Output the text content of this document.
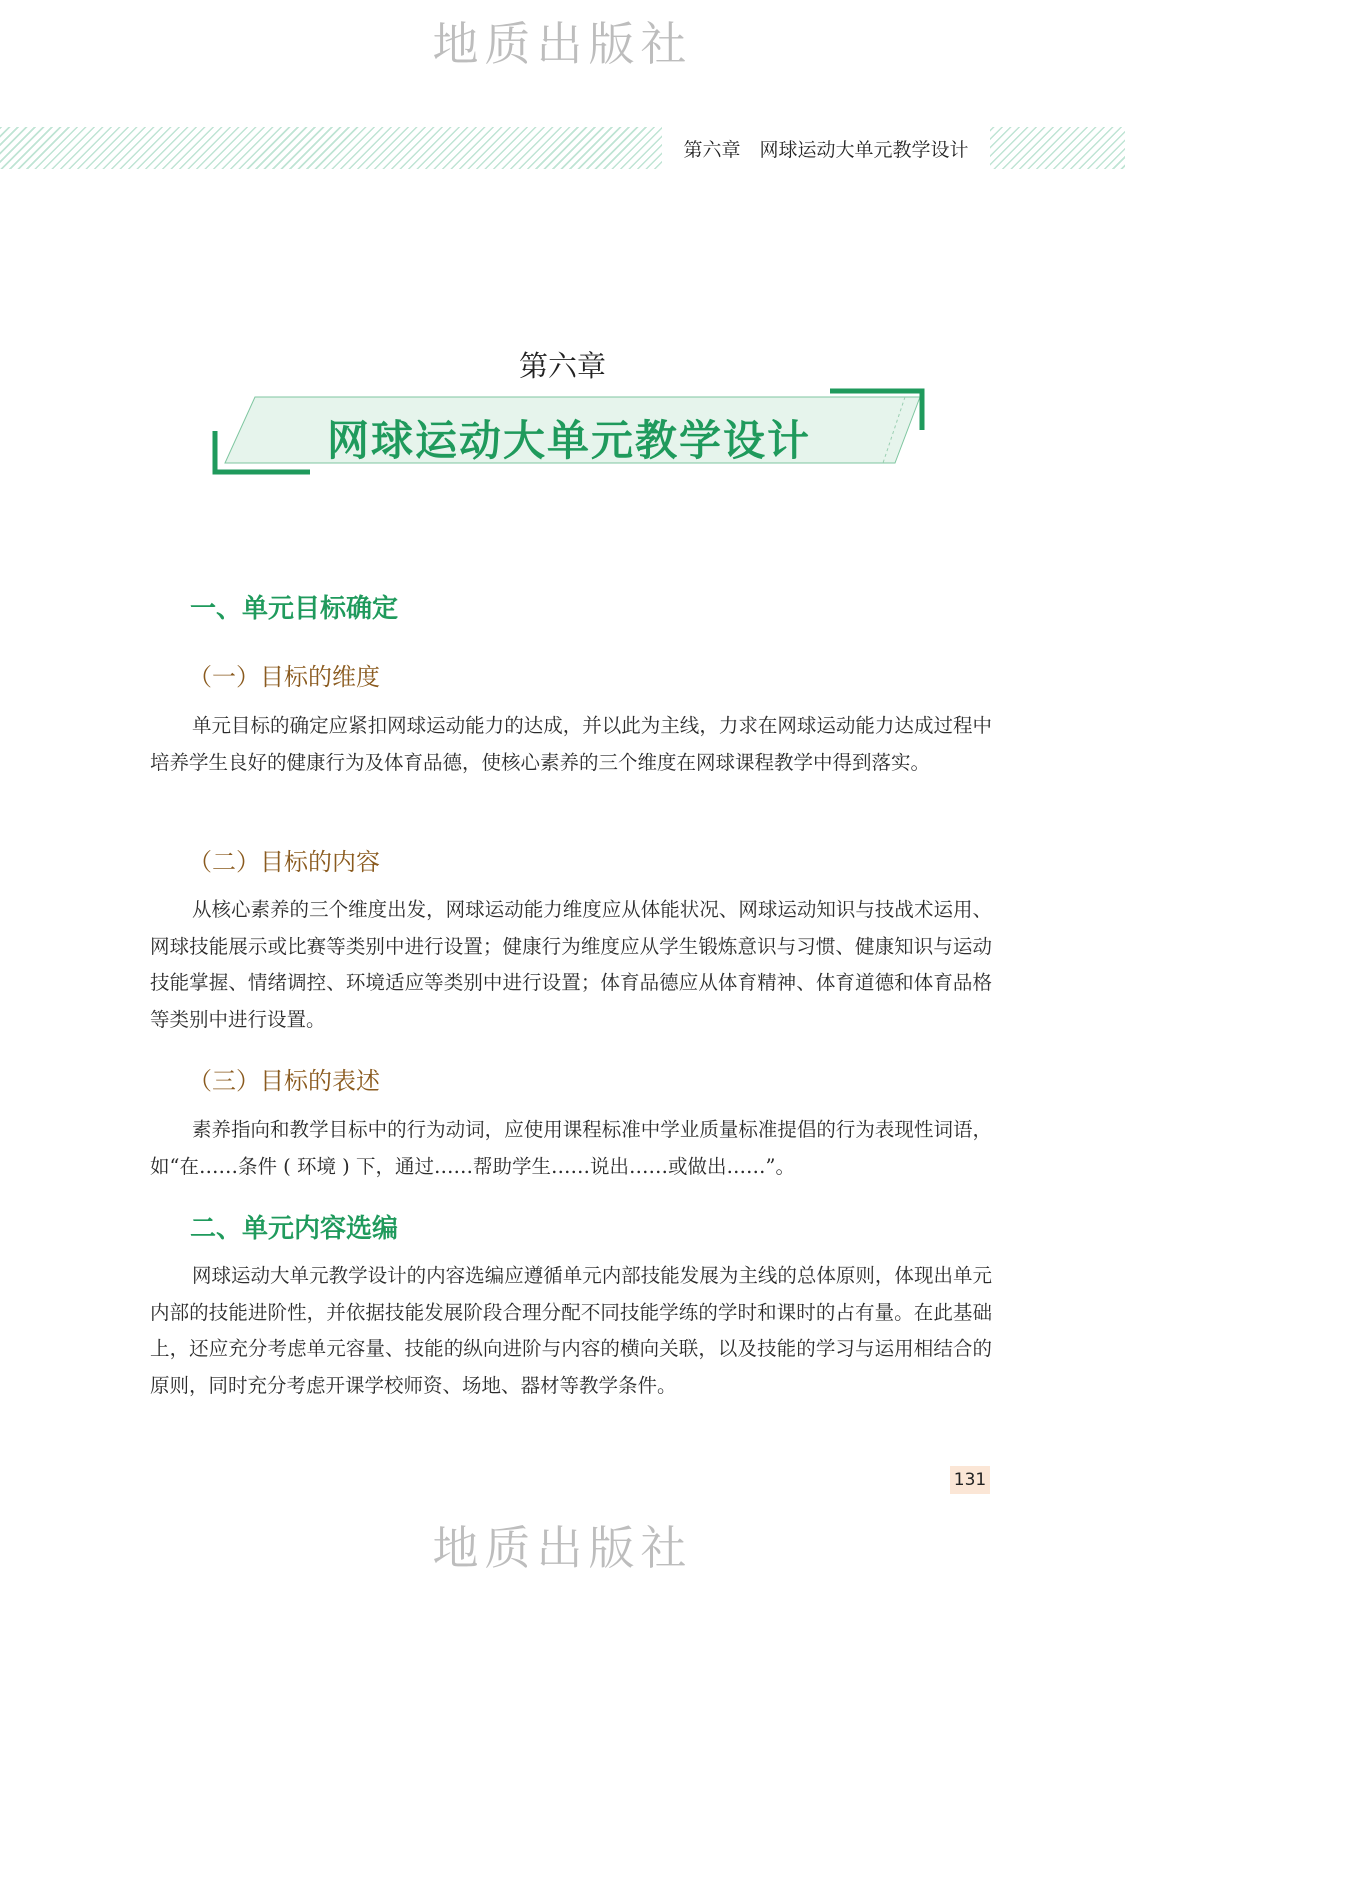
地质出版社
第六章　网球运动大单元教学设计
第六章
网球运动大单元教学设计
一、单元目标确定
（一）目标的维度

单元目标的确定应紧扣网球运动能力的达成，并以此为主线，力求在网球运动能力达成过程中培养学生良好的健康行为及体育品德，使核心素养的三个维度在网球课程教学中得到落实。

（二）目标的内容

从核心素养的三个维度出发，网球运动能力维度应从体能状况、网球运动知识与技战术运用、网球技能展示或比赛等类别中进行设置；健康行为维度应从学生锻炼意识与习惯、健康知识与运动技能掌握、情绪调控、环境适应等类别中进行设置；体育品德应从体育精神、体育道德和体育品格等类别中进行设置。

（三）目标的表述

素养指向和教学目标中的行为动词，应使用课程标准中学业质量标准提倡的行为表现性词语，如“在……条件 ( 环境 ) 下，通过……帮助学生……说出……或做出……”。

二、单元内容选编

网球运动大单元教学设计的内容选编应遵循单元内部技能发展为主线的总体原则，体现出单元内部的技能进阶性，并依据技能发展阶段合理分配不同技能学练的学时和课时的占有量。在此基础上，还应充分考虑单元容量、技能的纵向进阶与内容的横向关联，以及技能的学习与运用相结合的原则，同时充分考虑开课学校师资、场地、器材等教学条件。

131
地质出版社
